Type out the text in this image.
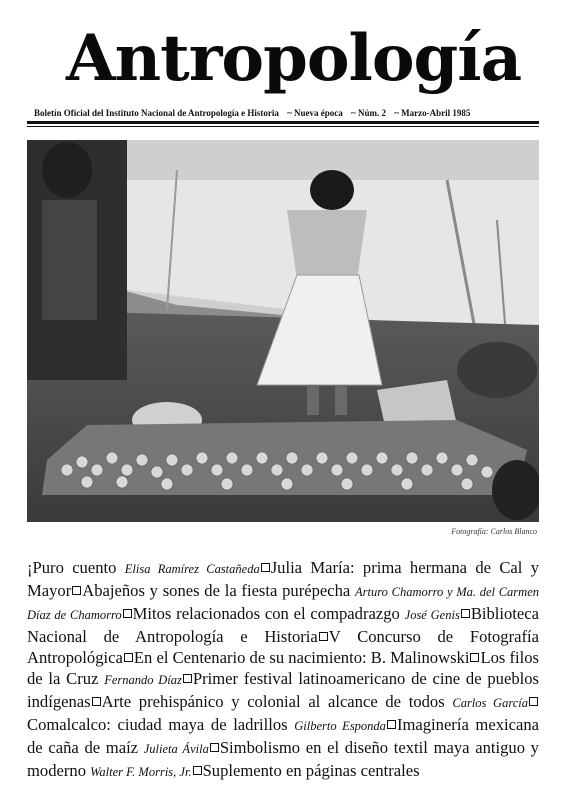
Antropología
Boletín Oficial del Instituto Nacional de Antropología e Historia ~ Nueva época ~ Núm. 2 ~ Marzo-Abril 1985
Fotografía: Carlos Blanco
¡Puro cuento Elisa Ramírez Castañeda Julia María: prima hermana de Cal y Mayor Abajeños y sones de la fiesta purépecha Arturo Chamorro y Ma. del Carmen Díaz de Chamorro Mitos relacionados con el compadrazgo José Genis Biblioteca Nacional de Antropología e Historia V Concurso de Fotografía Antropológica En el Centenario de su nacimiento: B. Malinowski Los filos de la Cruz Fernando Díaz Primer festival latinoamericano de cine de pueblos indígenas Arte prehispánico y colonial al alcance de todos Carlos GarcíaComalcalco: ciudad maya de ladrillos Gilberto Esponda Imaginería mexicana de caña de maíz Julieta Ávila Simbolismo en el diseño textil maya antiguo y moderno Walter F. Morris, Jr. Suplemento en páginas centrales
